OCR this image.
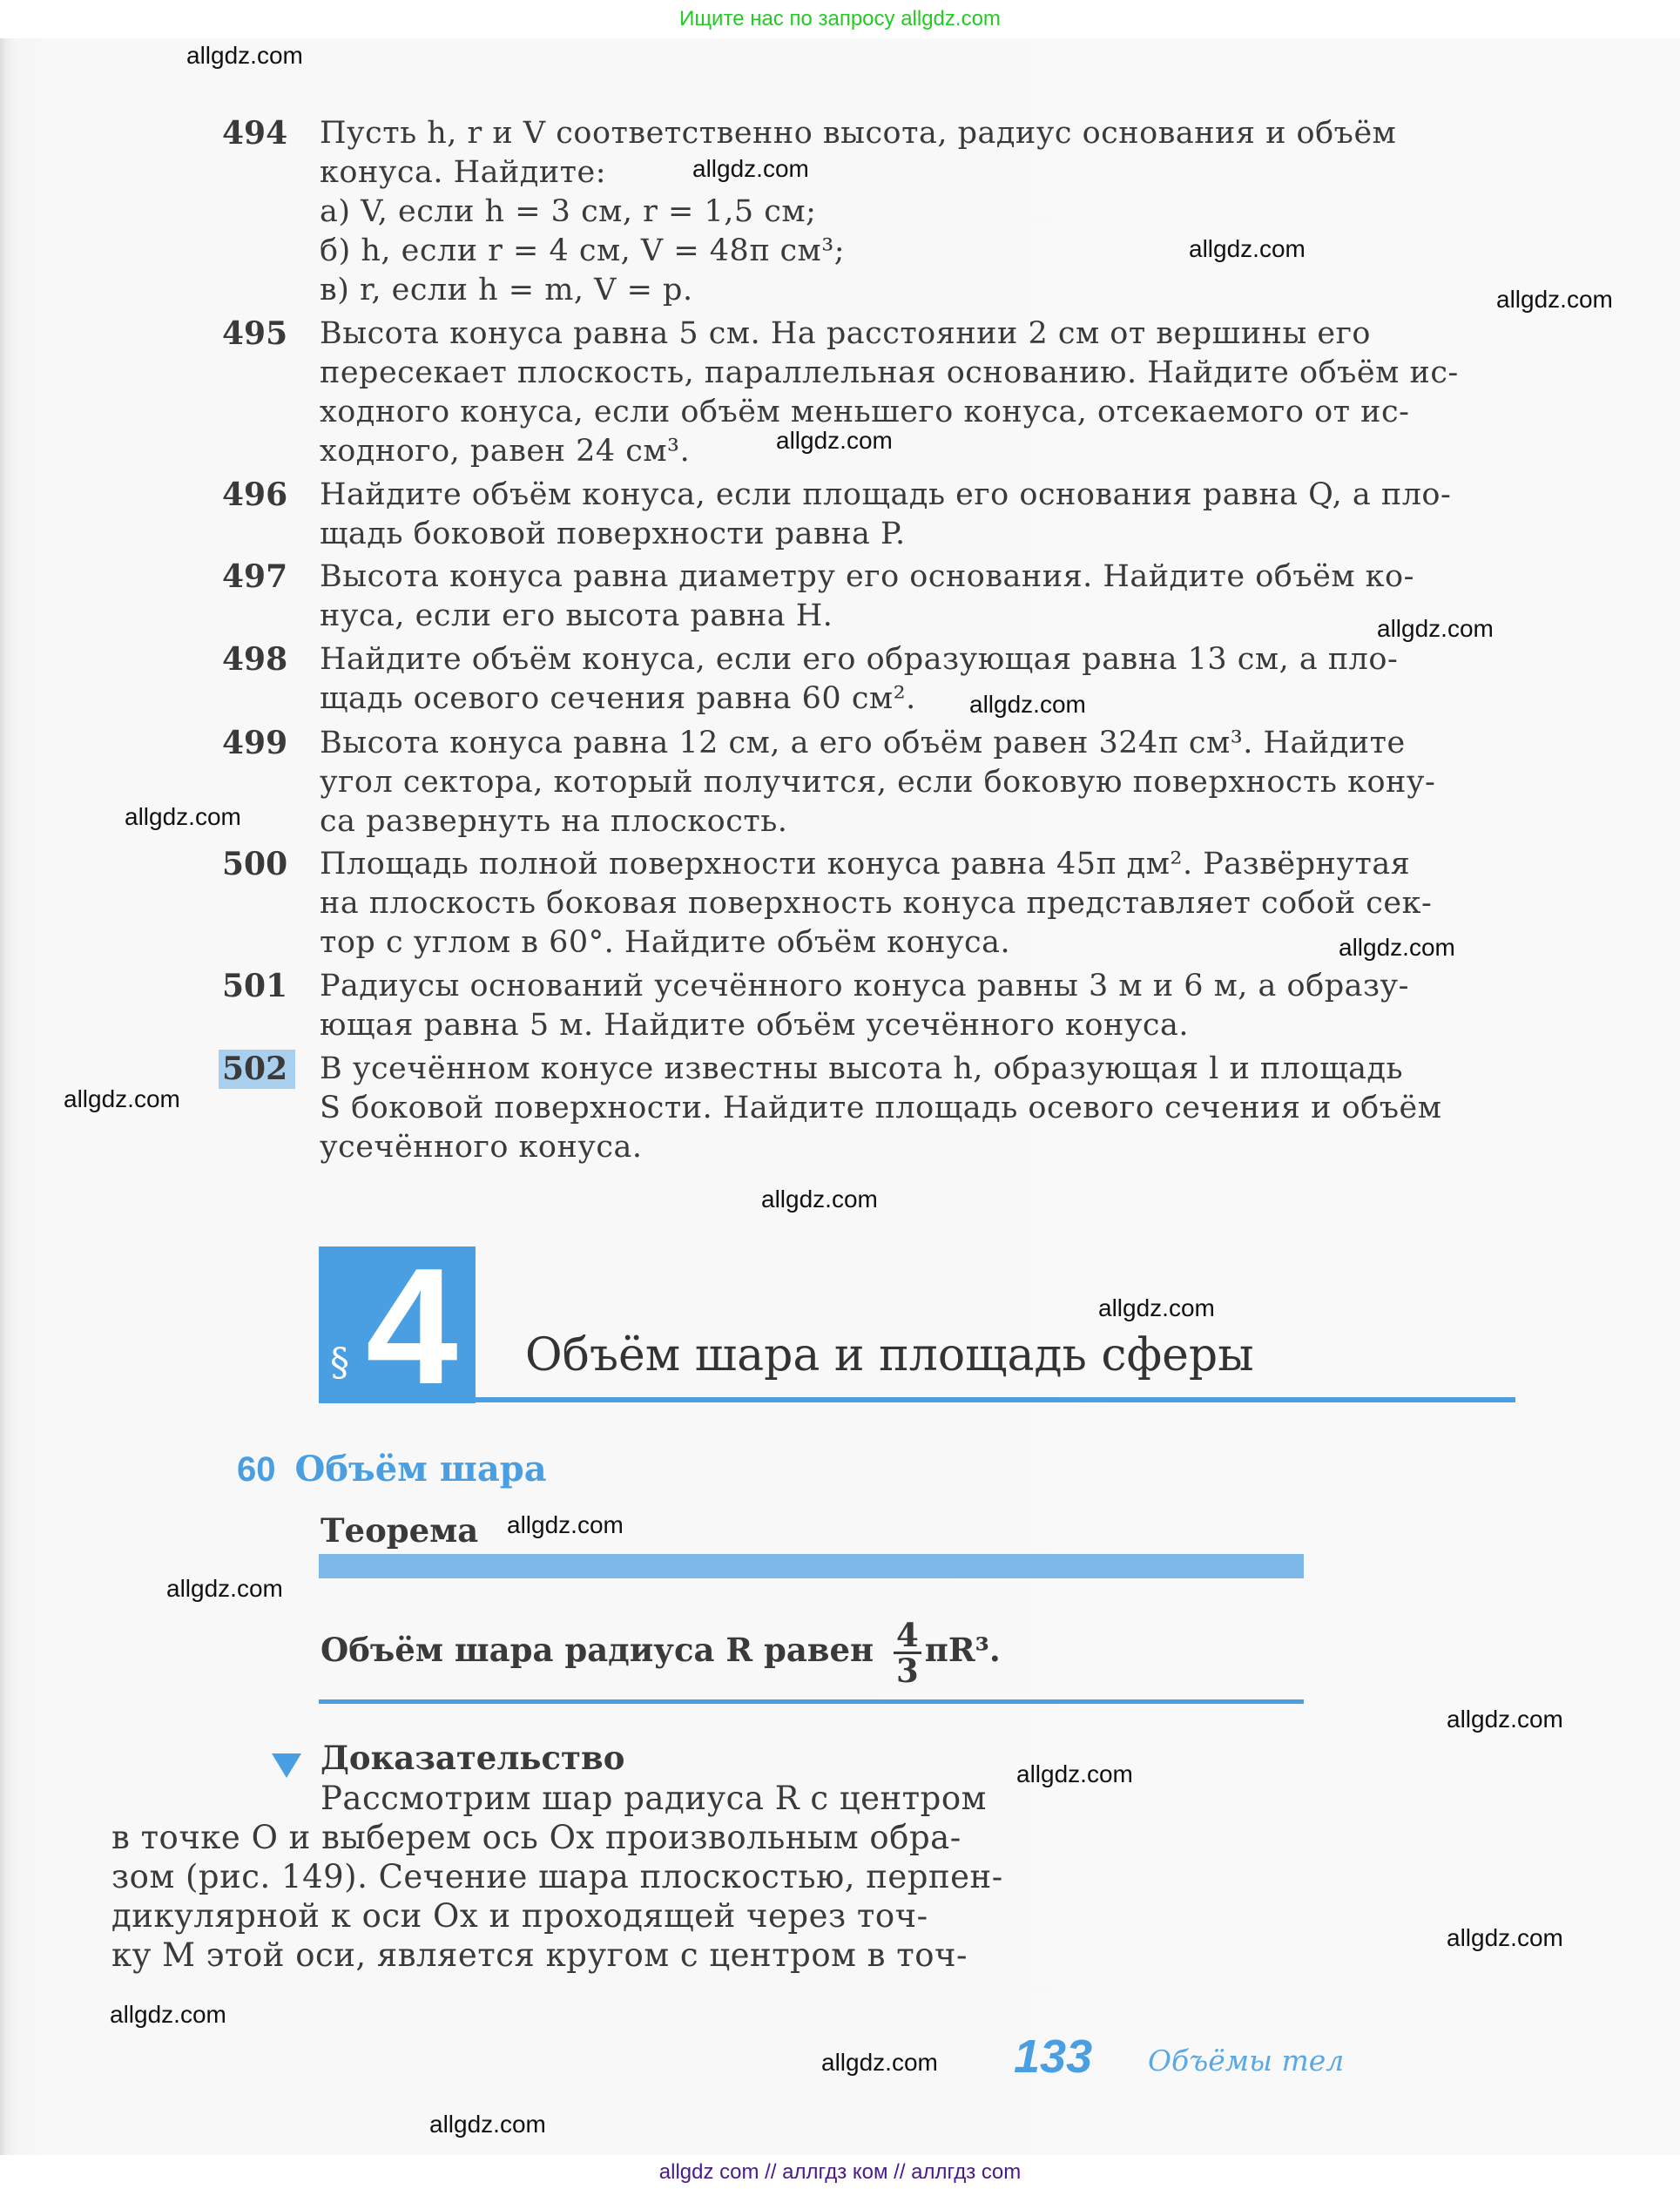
Ищите нас по запросу allgdz.com
494 Пусть h, r и V соответственно высота, радиус основания и объём
конуса. Найдите:
а) V, если h = 3 см, r = 1,5 см;
б) h, если r = 4 см, V = 48π см³;
в) r, если h = m, V = p.
495 Высота конуса равна 5 см. На расстоянии 2 см от вершины его
пересекает плоскость, параллельная основанию. Найдите объём ис-
ходного конуса, если объём меньшего конуса, отсекаемого от ис-
ходного, равен 24 см³.
496 Найдите объём конуса, если площадь его основания равна Q, а пло-
щадь боковой поверхности равна P.
497 Высота конуса равна диаметру его основания. Найдите объём ко-
нуса, если его высота равна H.
498 Найдите объём конуса, если его образующая равна 13 см, а пло-
щадь осевого сечения равна 60 см².
499 Высота конуса равна 12 см, а его объём равен 324π см³. Найдите
угол сектора, который получится, если боковую поверхность кону-
са развернуть на плоскость.
500 Площадь полной поверхности конуса равна 45π дм². Развёрнутая
на плоскость боковая поверхность конуса представляет собой сек-
тор с углом в 60°. Найдите объём конуса.
501 Радиусы оснований усечённого конуса равны 3 м и 6 м, а образу-
ющая равна 5 м. Найдите объём усечённого конуса.
502 В усечённом конусе известны высота h, образующая l и площадь
S боковой поверхности. Найдите площадь осевого сечения и объём
усечённого конуса.
§ 4 Объём шара и площадь сферы
60 Объём шара
Теорема
Объём шара радиуса R равен $\frac{4}{3} \pi R^3$.
Доказательство
Рассмотрим шар радиуса R с центром
в точке O и выберем ось Ox произвольным обра-
зом (рис. 149). Сечение шара плоскостью, перпен-
дикулярной к оси Ox и проходящей через точ-
ку M этой оси, является кругом с центром в точ-
133 Объёмы тел
allgdz.com
allgdz.com
allgdz.com
allgdz.com
allgdz.com
allgdz.com
allgdz.com
allgdz.com
allgdz.com
allgdz.com
allgdz.com
allgdz.com
allgdz.com
allgdz.com
allgdz.com
allgdz.com
allgdz.com
allgdz.com
allgdz.com
allgdz.com
allgdz com // аллгдз ком // аллгдз com
